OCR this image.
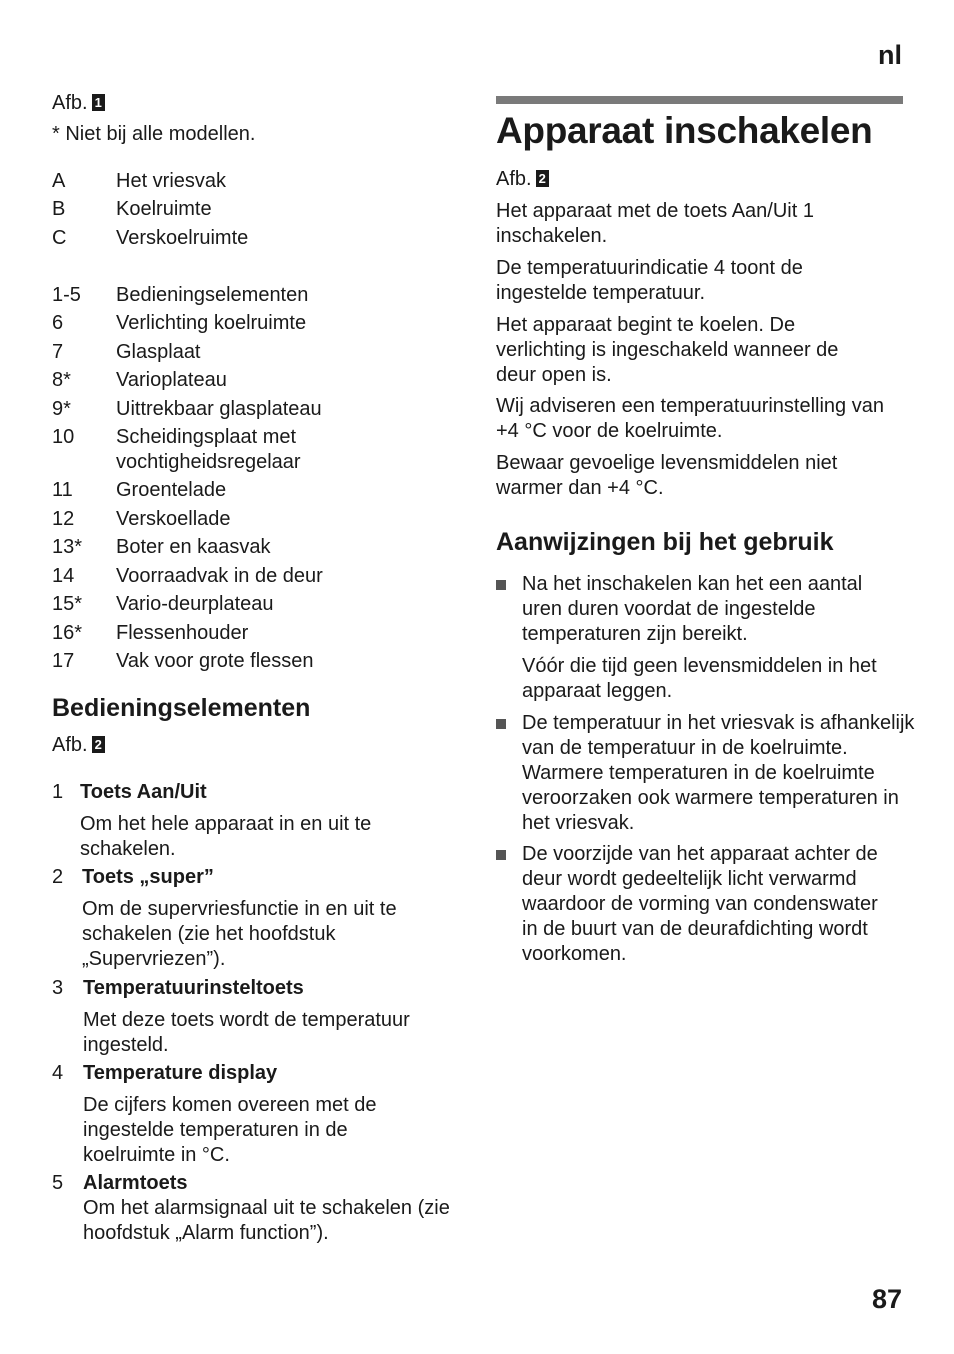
nl
87
Afb. 1
* Niet bij alle modellen.
A	Het vriesvak
B	Koelruimte
C	Verskoelruimte
1-5	Bedieningselementen
6	Verlichting koelruimte
7	Glasplaat
8*	Varioplateau
9*	Uittrekbaar glasplateau
10	Scheidingsplaat met vochtigheidsregelaar
11	Groentelade
12	Verskoellade
13*	Boter en kaasvak
14	Voorraadvak in de deur
15*	Vario-deurplateau
16*	Flessenhouder
17	Vak voor grote flessen
Bedieningselementen
Afb. 2
1 Toets Aan/Uit
Om het hele apparaat in en uit te schakelen.
2 Toets „super”
Om de supervriesfunctie in en uit te schakelen (zie het hoofdstuk „Supervriezen”).
3 Temperatuurinsteltoets
Met deze toets wordt de temperatuur ingesteld.
4 Temperature display
De cijfers komen overeen met de ingestelde temperaturen in de koelruimte in °C.
5 Alarmtoets
Om het alarmsignaal uit te schakelen (zie hoofdstuk „Alarm function”).
Apparaat inschakelen
Afb. 2
Het apparaat met de toets Aan/Uit 1 inschakelen.
De temperatuurindicatie 4 toont de ingestelde temperatuur.
Het apparaat begint te koelen. De verlichting is ingeschakeld wanneer de deur open is.
Wij adviseren een temperatuurinstelling van +4 °C voor de koelruimte.
Bewaar gevoelige levensmiddelen niet warmer dan +4 °C.
Aanwijzingen bij het gebruik
Na het inschakelen kan het een aantal uren duren voordat de ingestelde temperaturen zijn bereikt.
Vóór die tijd geen levensmiddelen in het apparaat leggen.
De temperatuur in het vriesvak is afhankelijk van de temperatuur in de koelruimte. Warmere temperaturen in de koelruimte veroorzaken ook warmere temperaturen in het vriesvak.
De voorzijde van het apparaat achter de deur wordt gedeeltelijk licht verwarmd waardoor de vorming van condenswater in de buurt van de deurafdichting wordt voorkomen.
